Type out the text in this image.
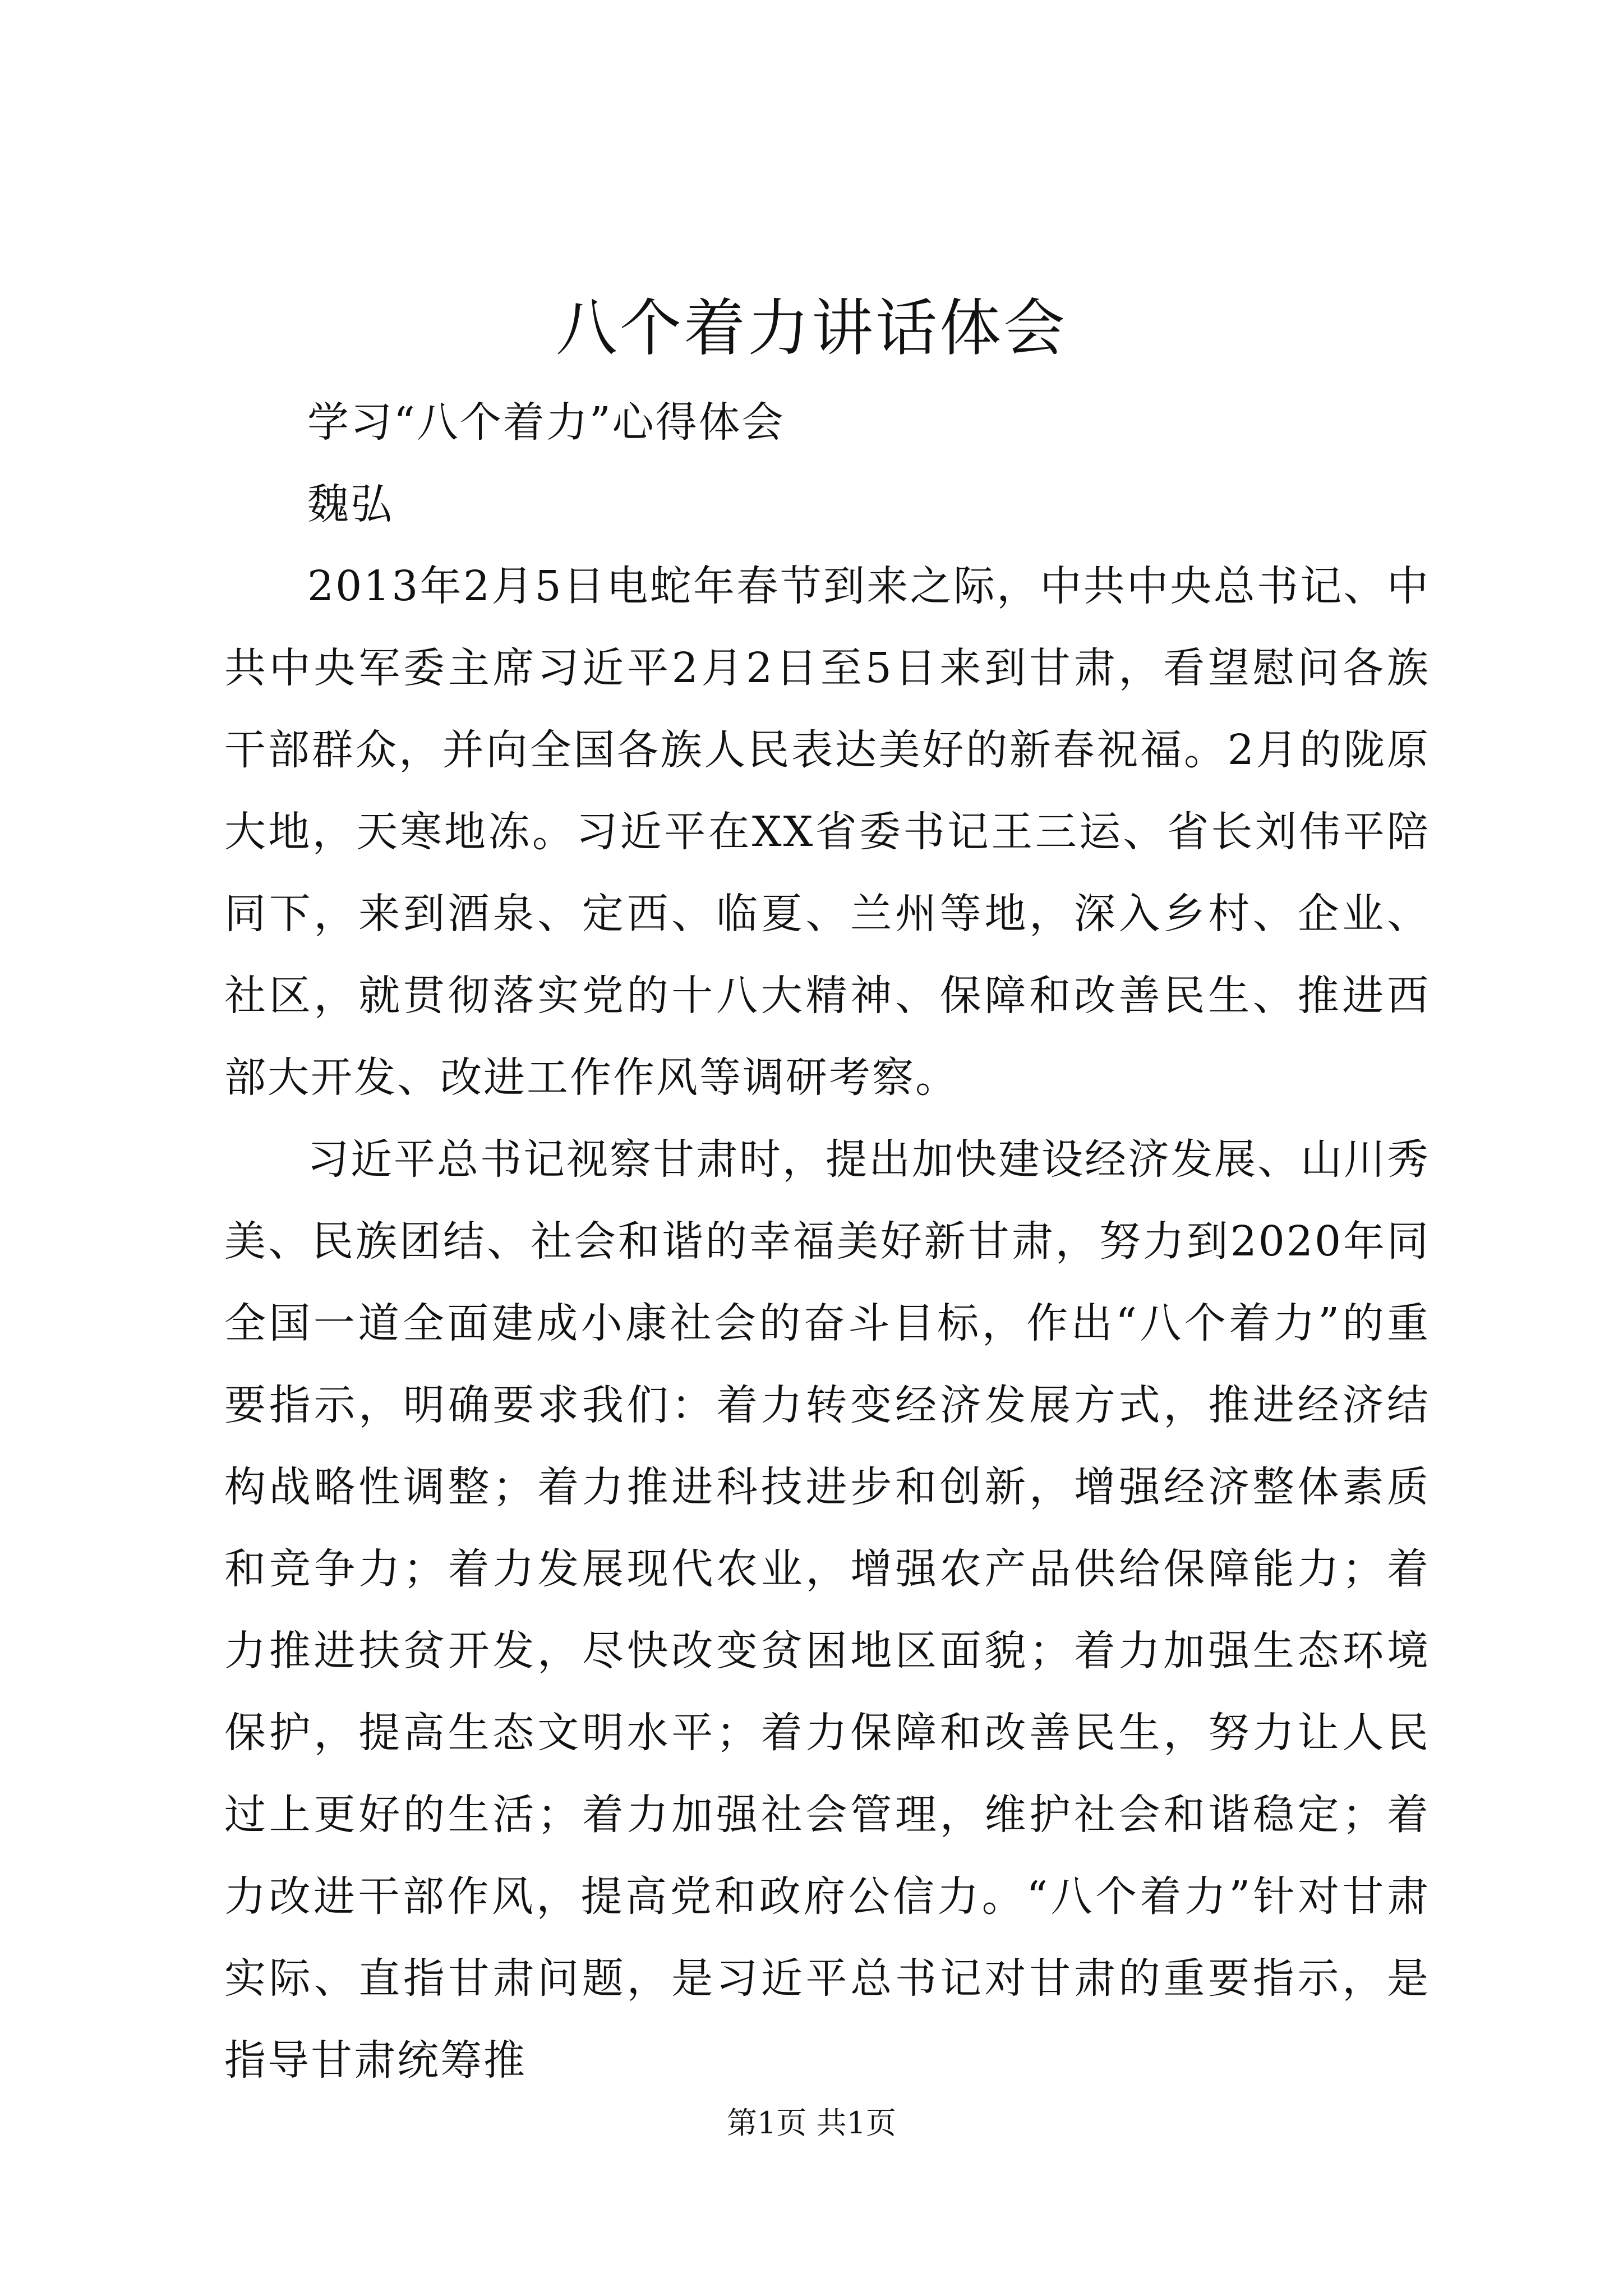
八个着力讲话体会

学习“八个着力”心得体会

魏弘

2013年2月5日电蛇年春节到来之际，中共中央总书记、中共中央军委主席习近平2月2日至5日来到甘肃，看望慰问各族干部群众，并向全国各族人民表达美好的新春祝福。2月的陇原大地，天寒地冻。习近平在XX省委书记王三运、省长刘伟平陪同下，来到酒泉、定西、临夏、兰州等地，深入乡村、企业、社区，就贯彻落实党的十八大精神、保障和改善民生、推进西部大开发、改进工作作风等调研考察。

习近平总书记视察甘肃时，提出加快建设经济发展、山川秀美、民族团结、社会和谐的幸福美好新甘肃，努力到2020年同全国一道全面建成小康社会的奋斗目标，作出“八个着力”的重要指示，明确要求我们：着力转变经济发展方式，推进经济结构战略性调整；着力推进科技进步和创新，增强经济整体素质和竞争力；着力发展现代农业，增强农产品供给保障能力；着力推进扶贫开发，尽快改变贫困地区面貌；着力加强生态环境保护，提高生态文明水平；着力保障和改善民生，努力让人民过上更好的生活；着力加强社会管理，维护社会和谐稳定；着力改进干部作风，提高党和政府公信力。“八个着力”针对甘肃实际、直指甘肃问题，是习近平总书记对甘肃的重要指示，是指导甘肃统筹推

第1页 共1页
